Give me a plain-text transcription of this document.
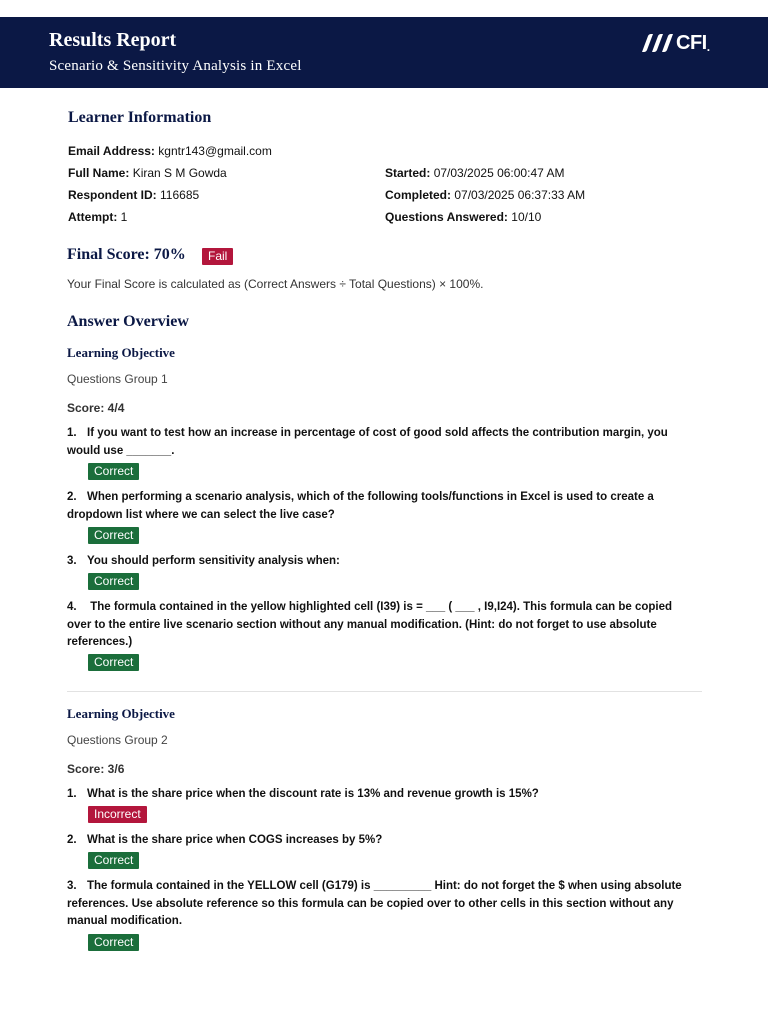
Results Report
Scenario & Sensitivity Analysis in Excel
CFI .
Learner Information
Email Address: kgntr143@gmail.com
Full Name: Kiran S M Gowda
Respondent ID: 116685
Attempt: 1
Started: 07/03/2025 06:00:47 AM
Completed: 07/03/2025 06:37:33 AM
Questions Answered: 10/10
Final Score: 70%	Fail
Your Final Score is calculated as (Correct Answers ÷ Total Questions) × 100%.
Answer Overview
Learning Objective
Questions Group 1
Score: 4/4
1. If you want to test how an increase in percentage of cost of good sold affects the contribution margin, you would use _______.
Correct
2. When performing a scenario analysis, which of the following tools/functions in Excel is used to create a dropdown list where we can select the live case?
Correct
3. You should perform sensitivity analysis when:
Correct
4. The formula contained in the yellow highlighted cell (I39) is = ___ ( ___ , I9,I24). This formula can be copied over to the entire live scenario section without any manual modification. (Hint: do not forget to use absolute references.)
Correct
Learning Objective
Questions Group 2
Score: 3/6
1. What is the share price when the discount rate is 13% and revenue growth is 15%?
Incorrect
2. What is the share price when COGS increases by 5%?
Correct
3. The formula contained in the YELLOW cell (G179) is _________ Hint: do not forget the $ when using absolute references. Use absolute reference so this formula can be copied over to other cells in this section without any manual modification.
Correct
